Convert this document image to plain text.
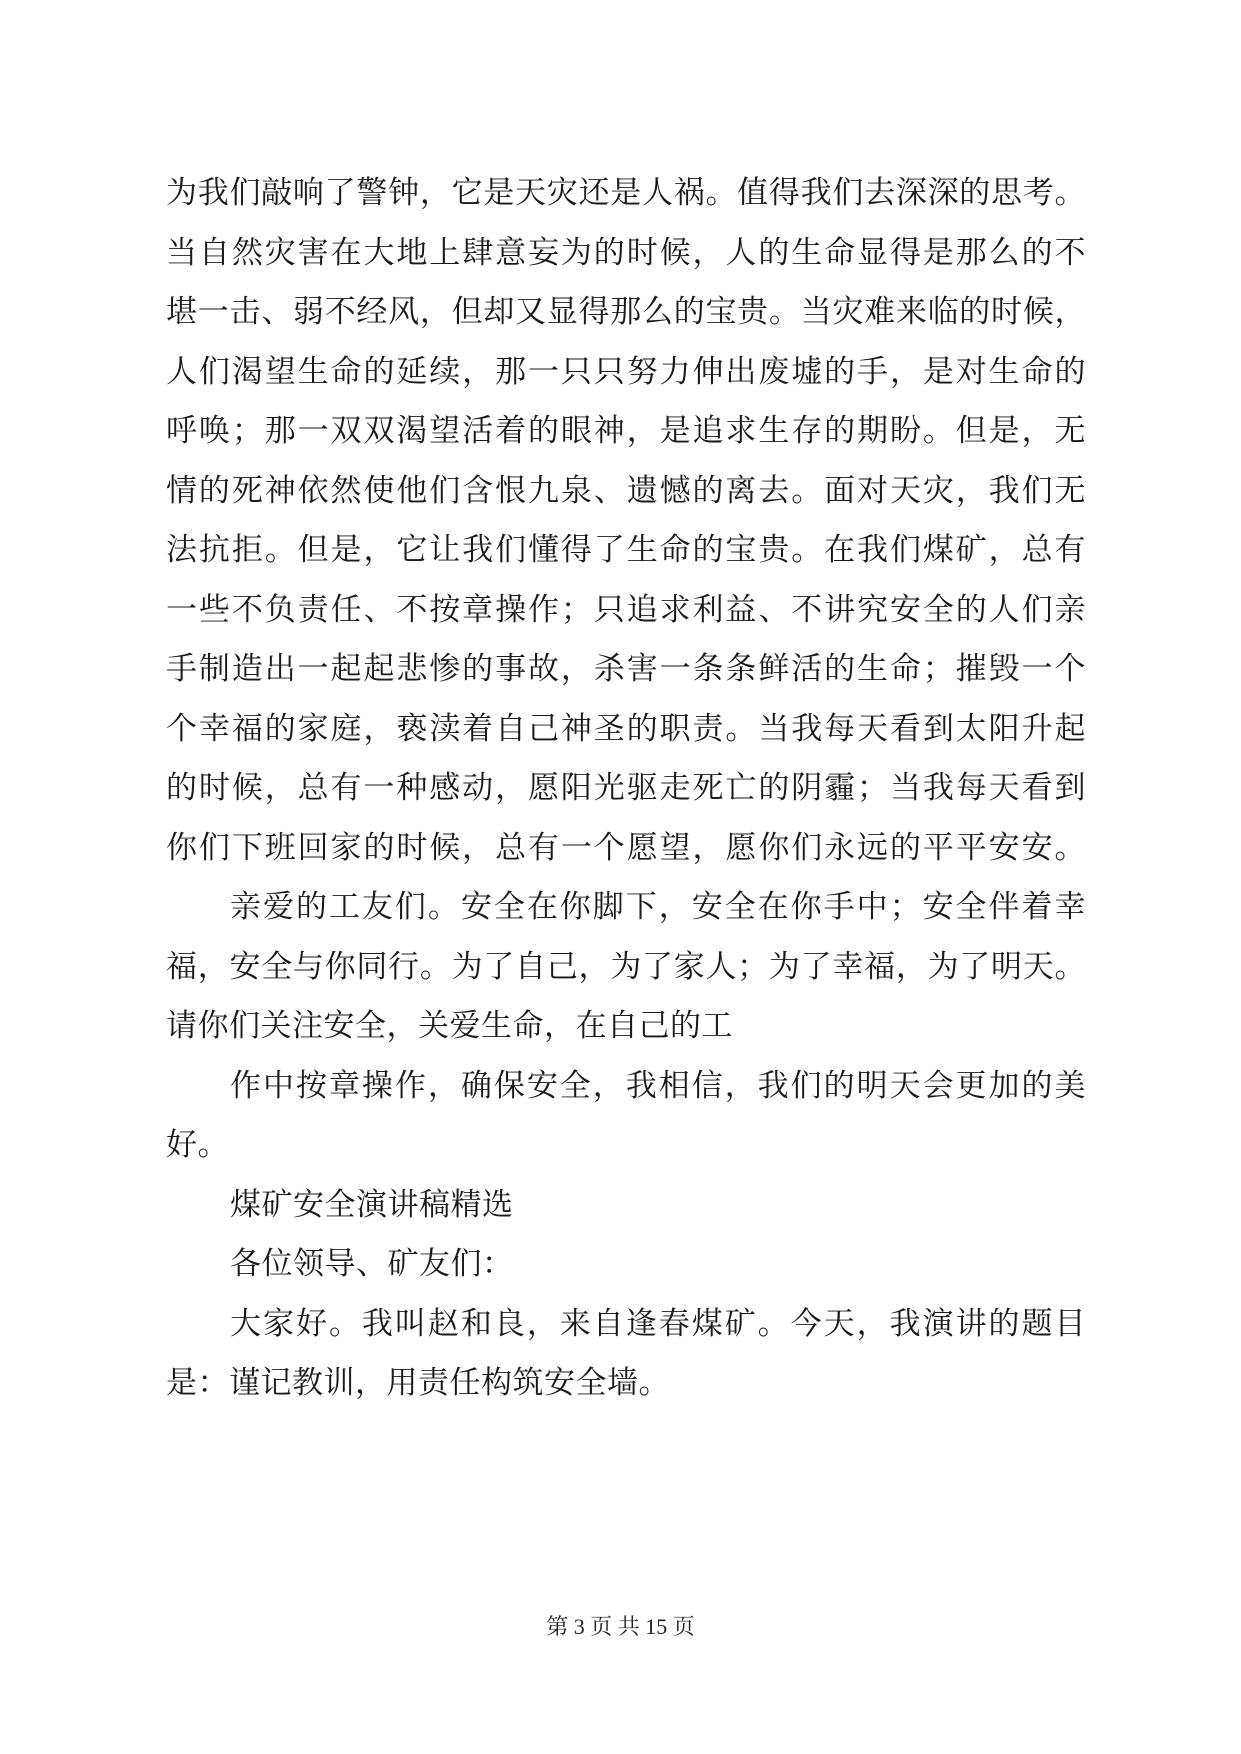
为我们敲响了警钟，它是天灾还是人祸。值得我们去深深的思考。
当自然灾害在大地上肆意妄为的时候，人的生命显得是那么的不
堪一击、弱不经风，但却又显得那么的宝贵。当灾难来临的时候，
人们渴望生命的延续，那一只只努力伸出废墟的手，是对生命的
呼唤；那一双双渴望活着的眼神，是追求生存的期盼。但是，无
情的死神依然使他们含恨九泉、遗憾的离去。面对天灾，我们无
法抗拒。但是，它让我们懂得了生命的宝贵。在我们煤矿，总有
一些不负责任、不按章操作；只追求利益、不讲究安全的人们亲
手制造出一起起悲惨的事故，杀害一条条鲜活的生命；摧毁一个
个幸福的家庭，亵渎着自己神圣的职责。当我每天看到太阳升起
的时候，总有一种感动，愿阳光驱走死亡的阴霾；当我每天看到
你们下班回家的时候，总有一个愿望，愿你们永远的平平安安。
亲爱的工友们。安全在你脚下，安全在你手中；安全伴着幸
福，安全与你同行。为了自己，为了家人；为了幸福，为了明天。
请你们关注安全，关爱生命，在自己的工
作中按章操作，确保安全，我相信，我们的明天会更加的美
好。
煤矿安全演讲稿精选
各位领导、矿友们：
大家好。我叫赵和良，来自逢春煤矿。今天，我演讲的题目
是：谨记教训，用责任构筑安全墙。
第 3 页 共 15 页
